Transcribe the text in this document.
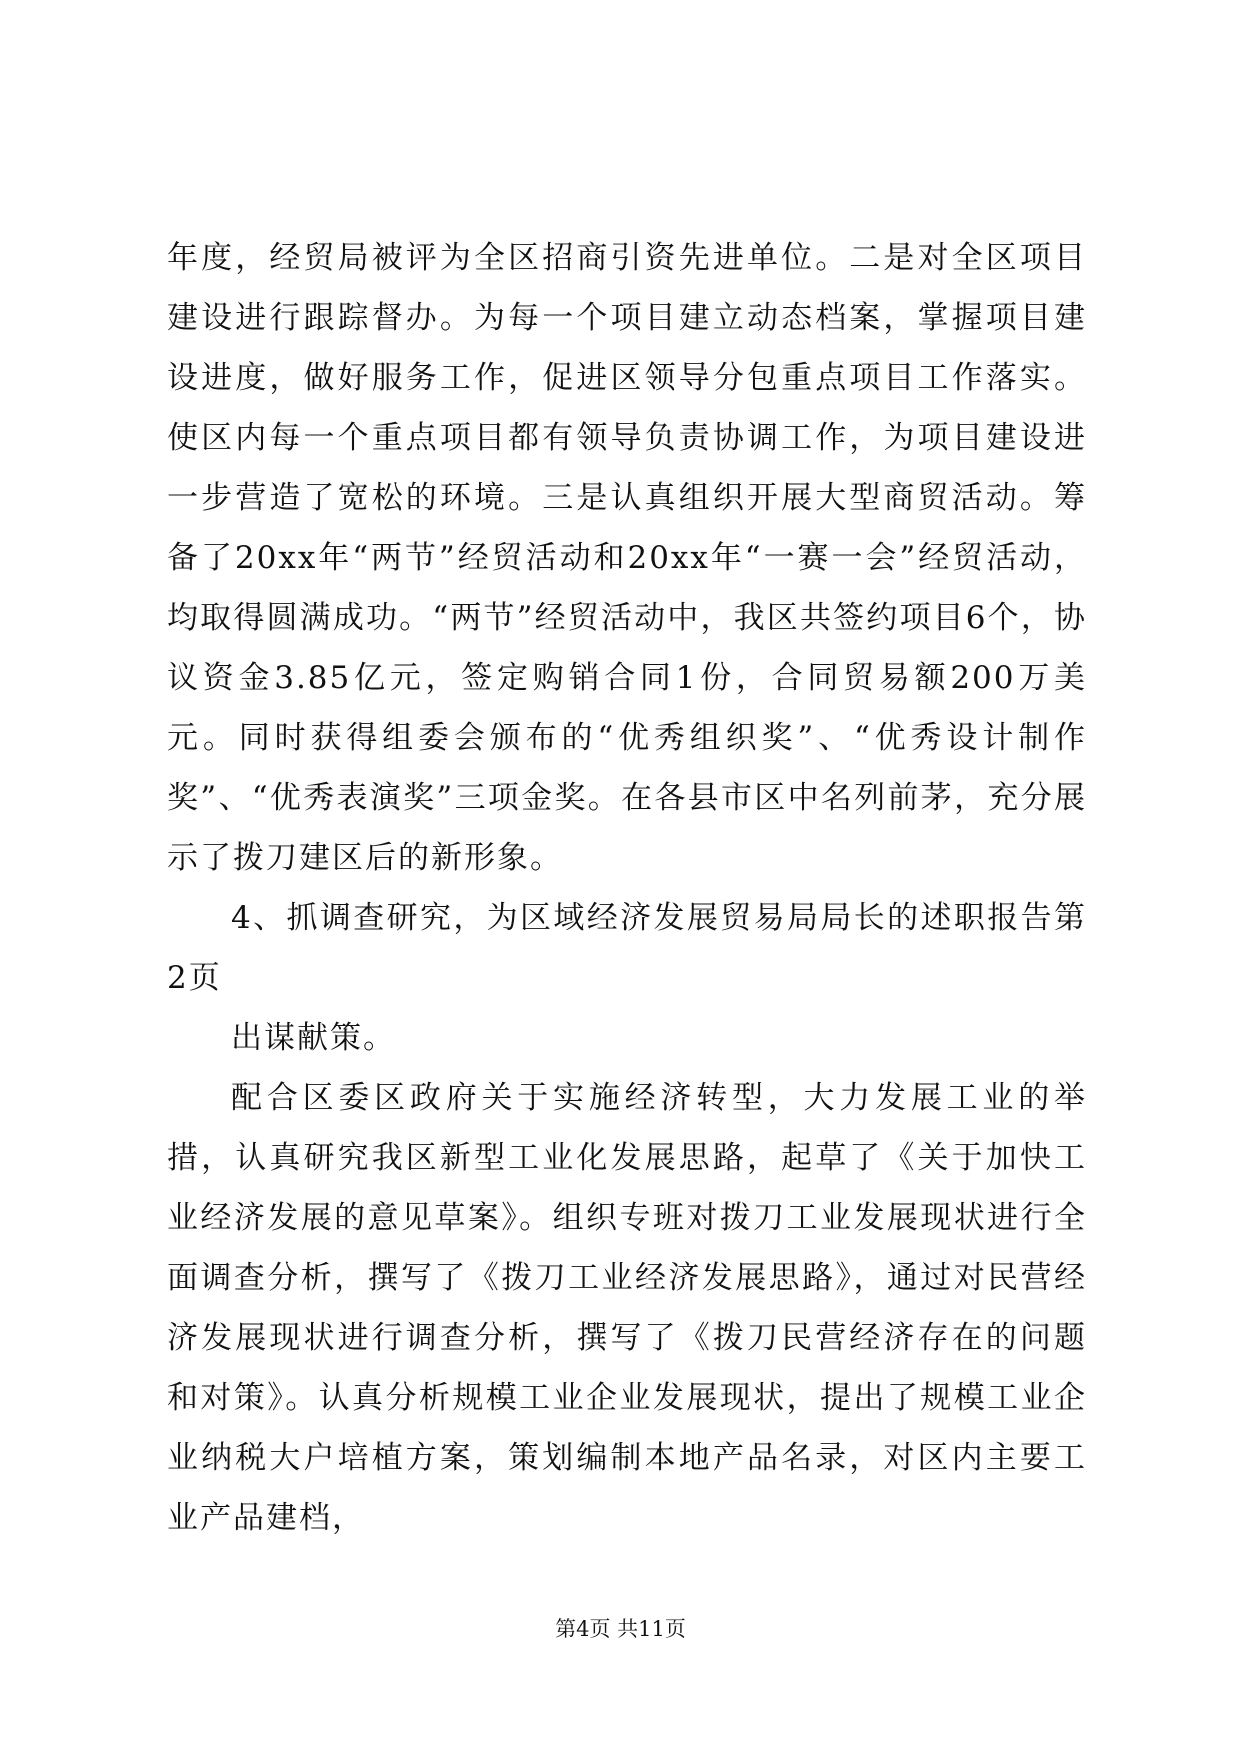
年度，经贸局被评为全区招商引资先进单位。二是对全区项目建设进行跟踪督办。为每一个项目建立动态档案，掌握项目建设进度，做好服务工作，促进区领导分包重点项目工作落实。使区内每一个重点项目都有领导负责协调工作，为项目建设进一步营造了宽松的环境。三是认真组织开展大型商贸活动。筹备了20xx年“两节”经贸活动和20xx年“一赛一会”经贸活动，均取得圆满成功。“两节”经贸活动中，我区共签约项目6个，协议资金3.85亿元，签定购销合同1份，合同贸易额200万美元。同时获得组委会颁布的“优秀组织奖”、“优秀设计制作奖”、“优秀表演奖”三项金奖。在各县市区中名列前茅，充分展示了拨刀建区后的新形象。

4、抓调查研究，为区域经济发展贸易局局长的述职报告第2页

出谋献策。

配合区委区政府关于实施经济转型，大力发展工业的举措，认真研究我区新型工业化发展思路，起草了《关于加快工业经济发展的意见草案》。组织专班对拨刀工业发展现状进行全面调查分析，撰写了《拨刀工业经济发展思路》，通过对民营经济发展现状进行调查分析，撰写了《拨刀民营经济存在的问题和对策》。认真分析规模工业企业发展现状，提出了规模工业企业纳税大户培植方案，策划编制本地产品名录，对区内主要工业产品建档，

第4页 共11页
